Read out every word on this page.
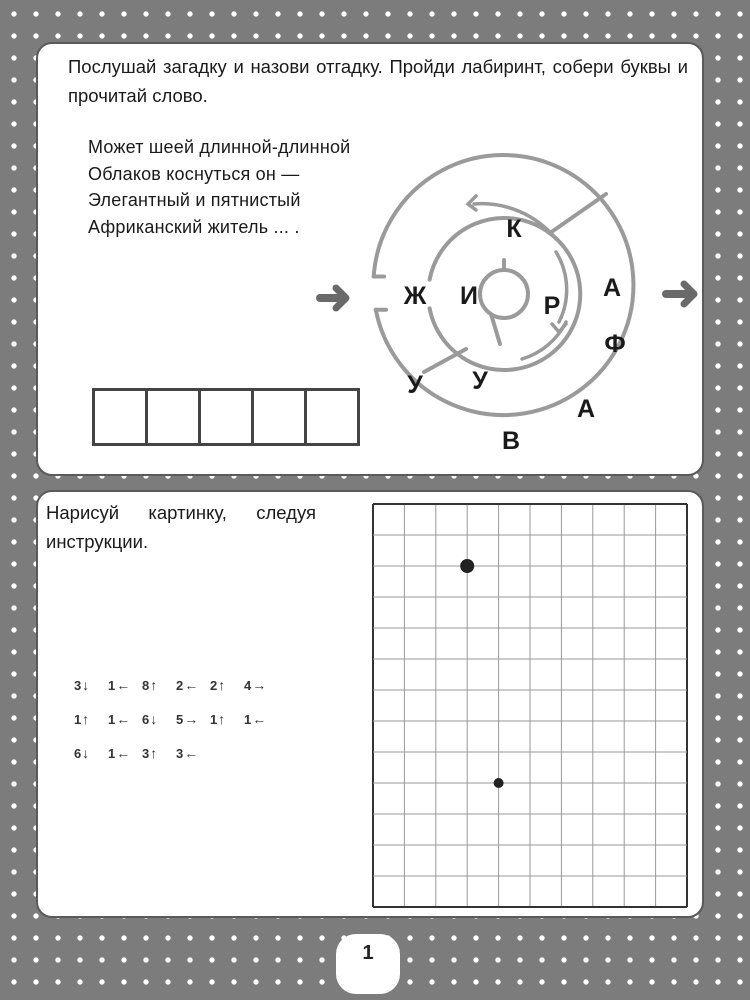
Послушай загадку и назови отгадку. Пройди лабиринт, собери буквы и прочитай слово.
Может шеей длинной-длинной
Облаков коснуться он —
Элегантный и пятнистый
Африканский житель ... .	К
А
Ф
А
В
У
Ж И	Р
У
Нарисуй картинку, следуя инструкции.
3↓	1← 8↑	2← 2↑	4→
1↑	1← 6↓	5→ 1↑	1←
6↓	1← 3↑	3←
1
